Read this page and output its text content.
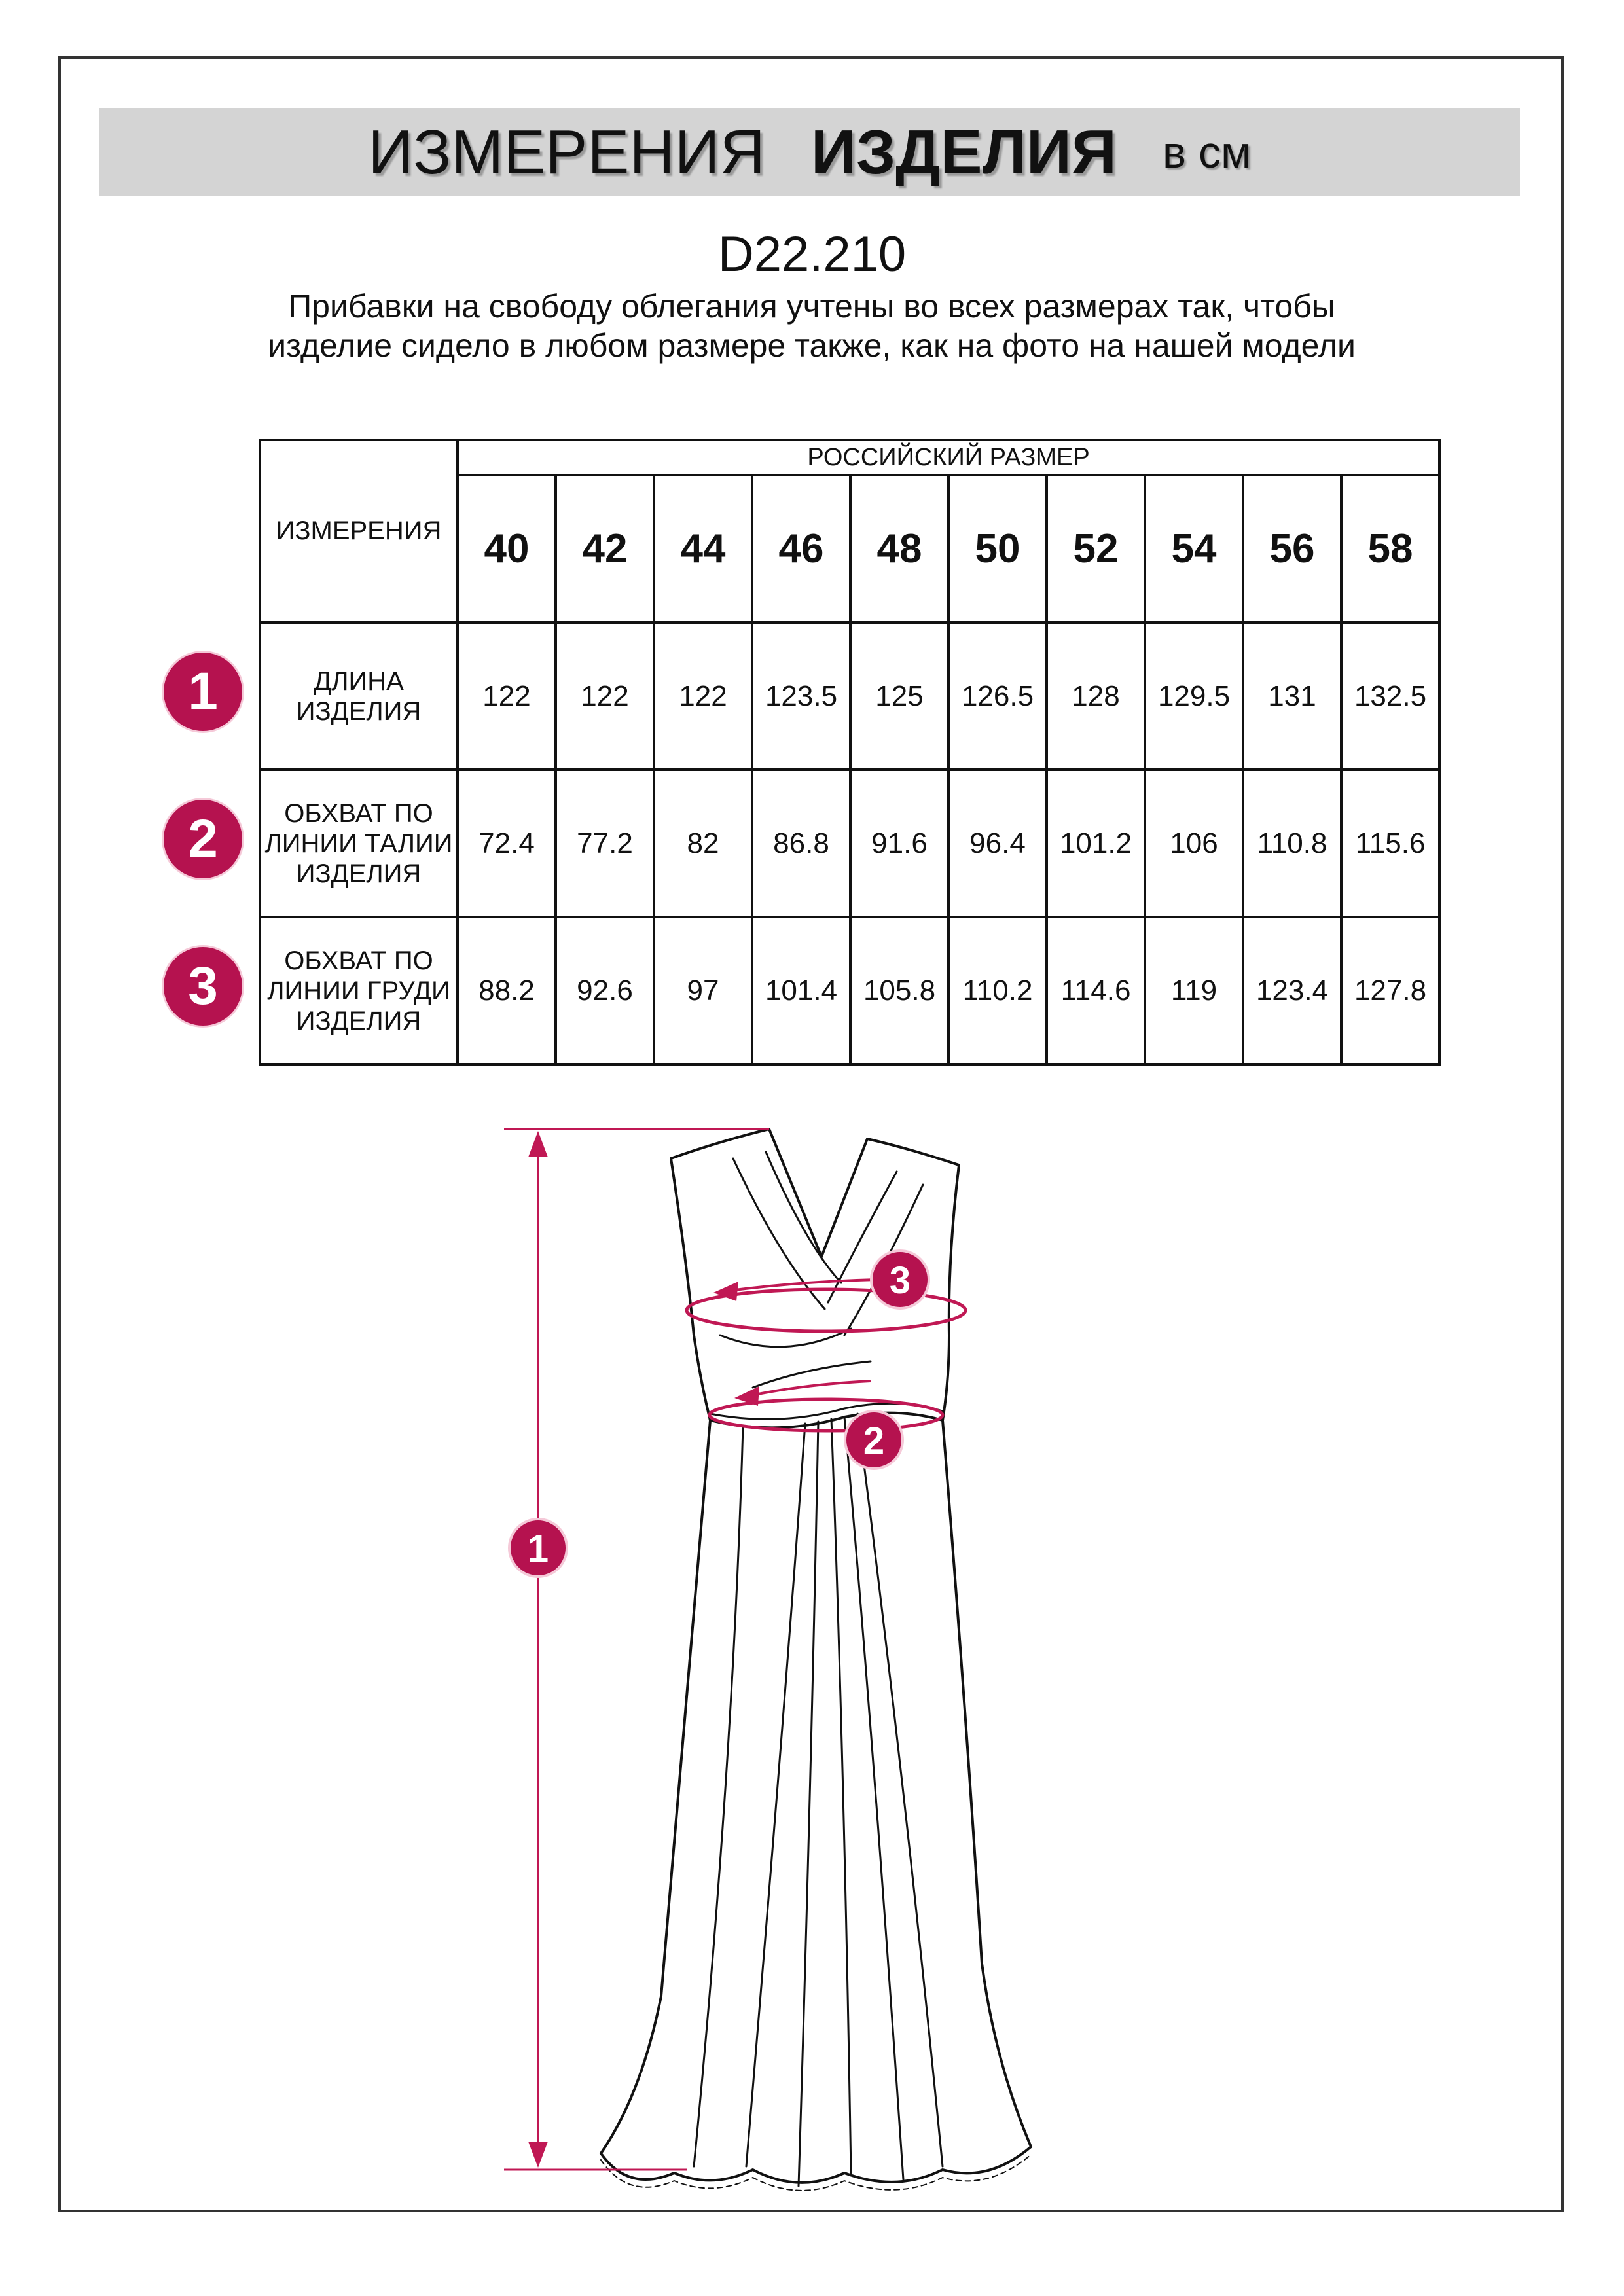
ИЗМЕРЕНИЯ ИЗДЕЛИЯ в см
D22.210
Прибавки на свободу облегания учтены во всех размерах так, чтобы изделие сидело в любом размере также, как на фото на нашей модели
ИЗМЕРЕНИЯ	РОССИЙСКИЙ РАЗМЕР									
	40	42	44	46	48	50	52	54	56	58
ДЛИНА ИЗДЕЛИЯ	122	122	122	123.5	125	126.5	128	129.5	131	132.5
ОБХВАТ ПО ЛИНИИ ТАЛИИ ИЗДЕЛИЯ	72.4	77.2	82	86.8	91.6	96.4	101.2	106	110.8	115.6
ОБХВАТ ПО ЛИНИИ ГРУДИ ИЗДЕЛИЯ	88.2	92.6	97	101.4	105.8	110.2	114.6	119	123.4	127.8
1
2
3
1
3
2
